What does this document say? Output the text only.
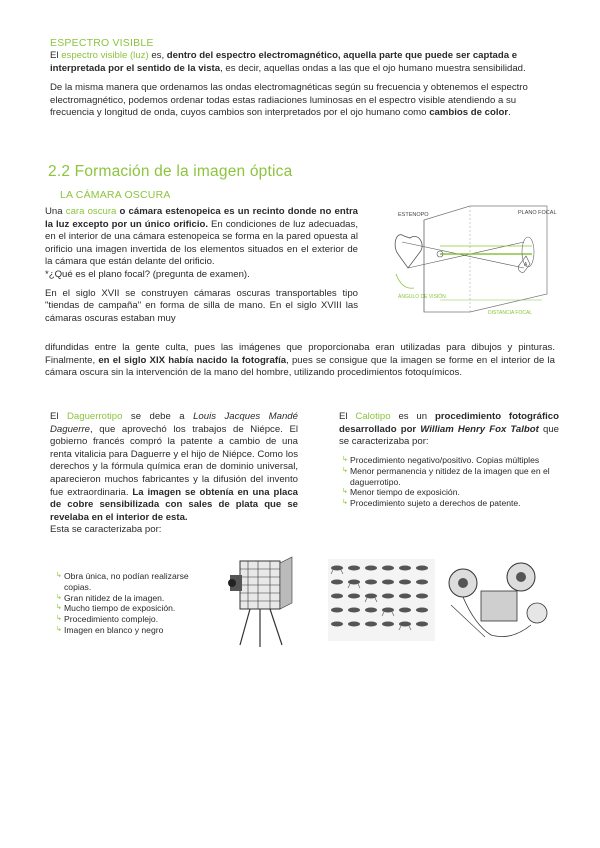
ESPECTRO VISIBLE

El espectro visible (luz) es, dentro del espectro electromagnético, aquella parte que puede ser captada e interpretada por el sentido de la vista, es decir, aquellas ondas a las que el ojo humano muestra sensibilidad.

De la misma manera que ordenamos las ondas electromagnéticas según su frecuencia y obtenemos el espectro electromagnético, podemos ordenar todas estas radiaciones luminosas en el espectro visible atendiendo a su frecuencia y longitud de onda, cuyos cambios son interpretados por el ojo humano como cambios de color.

2.2 Formación de la imagen óptica

LA CÁMARA OSCURA

Una cara oscura o cámara estenopeica es un recinto donde no entra la luz excepto por un único orificio. En condiciones de luz adecuadas, en el interior de una cámara estenopeica se forma en la pared opuesta al orificio una imagen invertida de los elementos situados en el exterior de la cámara que están delante del orificio.

*¿Qué es el plano focal? (pregunta de examen).

En el siglo XVII se construyen cámaras oscuras transportables tipo "tiendas de campaña" en forma de silla de mano. En el siglo XVIII las cámaras oscuras estaban muy

difundidas entre la gente culta, pues las imágenes que proporcionaba eran utilizadas para dibujos y pinturas. Finalmente, en el siglo XIX había nacido la fotografía, pues se consigue que la imagen se forme en el interior de la cámara oscura sin la intervención de la mano del hombre, utilizando procedimientos fotoquímicos.

ESTENOPO	PLANO FOCAL
A
ÁNGULO DE VISIÓN
DISTANCIA FOCAL

El Daguerrotipo se debe a Louis Jacques Mandé Daguerre, que aprovechó los trabajos de Niépce. El gobierno francés compró la patente a cambio de una renta vitalicia para Daguerre y el hijo de Niépce. Como los derechos y la fórmula química eran de dominio universal, aparecieron muchos fabricantes y la difusión del invento fue extraordinaria. La imagen se obtenía en una placa de cobre sensibilizada con sales de plata que se revelaba en el interior de esta.

Esta se caracterizaba por:

↳ Obra única, no podían realizarse copias.
↳ Gran nitidez de la imagen.
↳ Mucho tiempo de exposición.
↳ Procedimiento complejo.
↳ Imagen en blanco y negro

El Calotipo es un procedimiento fotográfico desarrollado por William Henry Fox Talbot que se caracterizaba por:

↳ Procedimiento negativo/positivo. Copias múltiples
↳ Menor permanencia y nitidez de la imagen que en el daguerrotipo.
↳ Menor tiempo de exposición.
↳ Procedimiento sujeto a derechos de patente.
